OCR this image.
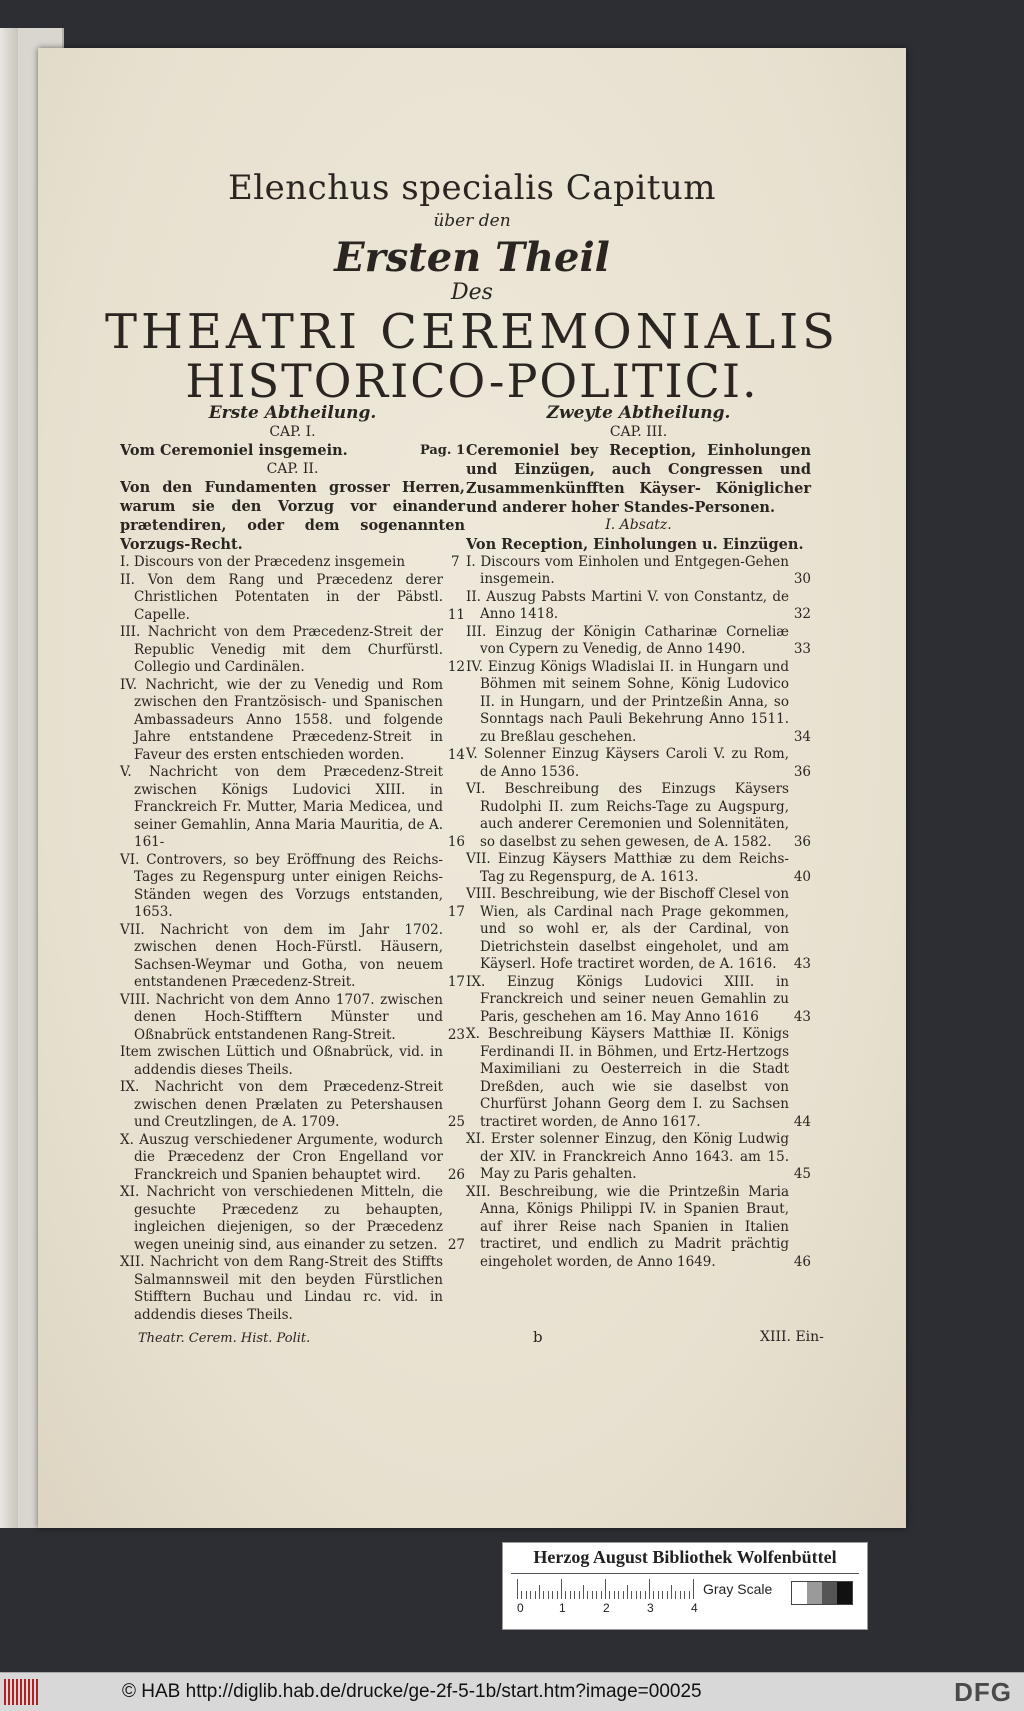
Elenchus specialis Capitum
über den
Ersten Theil
Des
THEATRI CEREMONIALIS
HISTORICO-POLITICI.
Erste Abtheilung.
CAP. I.
Vom Ceremoniel insgemein.	Pag. 1
CAP. II.
Von den Fundamenten grosser Herren, warum sie den Vorzug vor einander prætendiren, oder dem sogenannten Vorzugs-Recht.

I. Discours von der Præcedenz insgemein	7

II. Von dem Rang und Præcedenz derer Christlichen Potentaten in der Päbstl. Capelle.	11

III. Nachricht von dem Præcedenz-Streit der Republic Venedig mit dem Churfürstl. Collegio und Cardinälen.	12

IV. Nachricht, wie der zu Venedig und Rom zwischen den Frantzösisch- und Spanischen Ambassadeurs Anno 1558. und folgende Jahre entstandene Præcedenz-Streit in Faveur des ersten entschieden worden.	14

V. Nachricht von dem Præcedenz-Streit zwischen Königs Ludovici XIII. in Franckreich Fr. Mutter, Maria Medicea, und seiner Gemahlin, Anna Maria Mauritia, de A. 161-	16

VI. Controvers, so bey Eröffnung des Reichs-Tages zu Regenspurg unter einigen Reichs-Ständen wegen des Vorzugs entstanden, 1653.	17

VII. Nachricht von dem im Jahr 1702. zwischen denen Hoch-Fürstl. Häusern, Sachsen-Weymar und Gotha, von neuem entstandenen Præcedenz-Streit.	17

VIII. Nachricht von dem Anno 1707. zwischen denen Hoch-Stifftern Münster und Oßnabrück entstandenen Rang-Streit.	23

Item zwischen Lüttich und Oßnabrück, vid. in addendis dieses Theils.

IX. Nachricht von dem Præcedenz-Streit zwischen denen Prælaten zu Petershausen und Creutzlingen, de A. 1709.	25

X. Auszug verschiedener Argumente, wodurch die Præcedenz der Cron Engelland vor Franckreich und Spanien behauptet wird. 26

XI. Nachricht von verschiedenen Mitteln, die gesuchte Præcedenz zu behaupten, ingleichen diejenigen, so der Præcedenz wegen uneinig sind, aus einander zu setzen. 27

XII. Nachricht von dem Rang-Streit des Stiffts Salmannsweil mit den beyden Fürstlichen Stifftern Buchau und Lindau rc. vid. in addendis dieses Theils.

Zweyte Abtheilung.
CAP. III.
Ceremoniel bey Reception, Einholungen und Einzügen, auch Congressen und Zusammenkünfften Käyser- Königlicher und anderer hoher Standes-Personen.
I. Absatz.
Von Reception, Einholungen u. Einzügen.

I. Discours vom Einholen und Entgegen-Gehen insgemein.	30

II. Auszug Pabsts Martini V. von Constantz, de Anno 1418.	32

III. Einzug der Königin Catharinæ Corneliæ von Cypern zu Venedig, de Anno 1490.	33

IV. Einzug Königs Wladislai II. in Hungarn und Böhmen mit seinem Sohne, König Ludovico II. in Hungarn, und der Printzeßin Anna, so Sonntags nach Pauli Bekehrung Anno 1511. zu Breßlau geschehen.	34

V. Solenner Einzug Käysers Caroli V. zu Rom, de Anno 1536.	36

VI. Beschreibung des Einzugs Käysers Rudolphi II. zum Reichs-Tage zu Augspurg, auch anderer Ceremonien und Solennitäten, so daselbst zu sehen gewesen, de A. 1582. 36

VII. Einzug Käysers Matthiæ zu dem Reichs-Tag zu Regenspurg, de A. 1613.	40

VIII. Beschreibung, wie der Bischoff Clesel von Wien, als Cardinal nach Prage gekommen, und so wohl er, als der Cardinal, von Dietrichstein daselbst eingeholet, und am Käyserl. Hofe tractiret worden, de A. 1616. 43

IX. Einzug Königs Ludovici XIII. in Franckreich und seiner neuen Gemahlin zu Paris, geschehen am 16. May Anno 1616	43

X. Beschreibung Käysers Matthiæ II. Königs Ferdinandi II. in Böhmen, und Ertz-Hertzogs Maximiliani zu Oesterreich in die Stadt Dreßden, auch wie sie daselbst von Churfürst Johann Georg dem I. zu Sachsen tractiret worden, de Anno 1617.	44

XI. Erster solenner Einzug, den König Ludwig der XIV. in Franckreich Anno 1643. am 15. May zu Paris gehalten.	45

XII. Beschreibung, wie die Printzeßin Maria Anna, Königs Philippi IV. in Spanien Braut, auf ihrer Reise nach Spanien in Italien tractiret, und endlich zu Madrit prächtig eingeholet worden, de Anno 1649.	46

Theatr. Cerem. Hist. Polit.	b	XIII. Ein-
Herzog August Bibliothek Wolfenbüttel
0	1	2	3	4
Gray Scale
© HAB http://diglib.hab.de/drucke/ge-2f-5-1b/start.htm?image=00025	DFG
